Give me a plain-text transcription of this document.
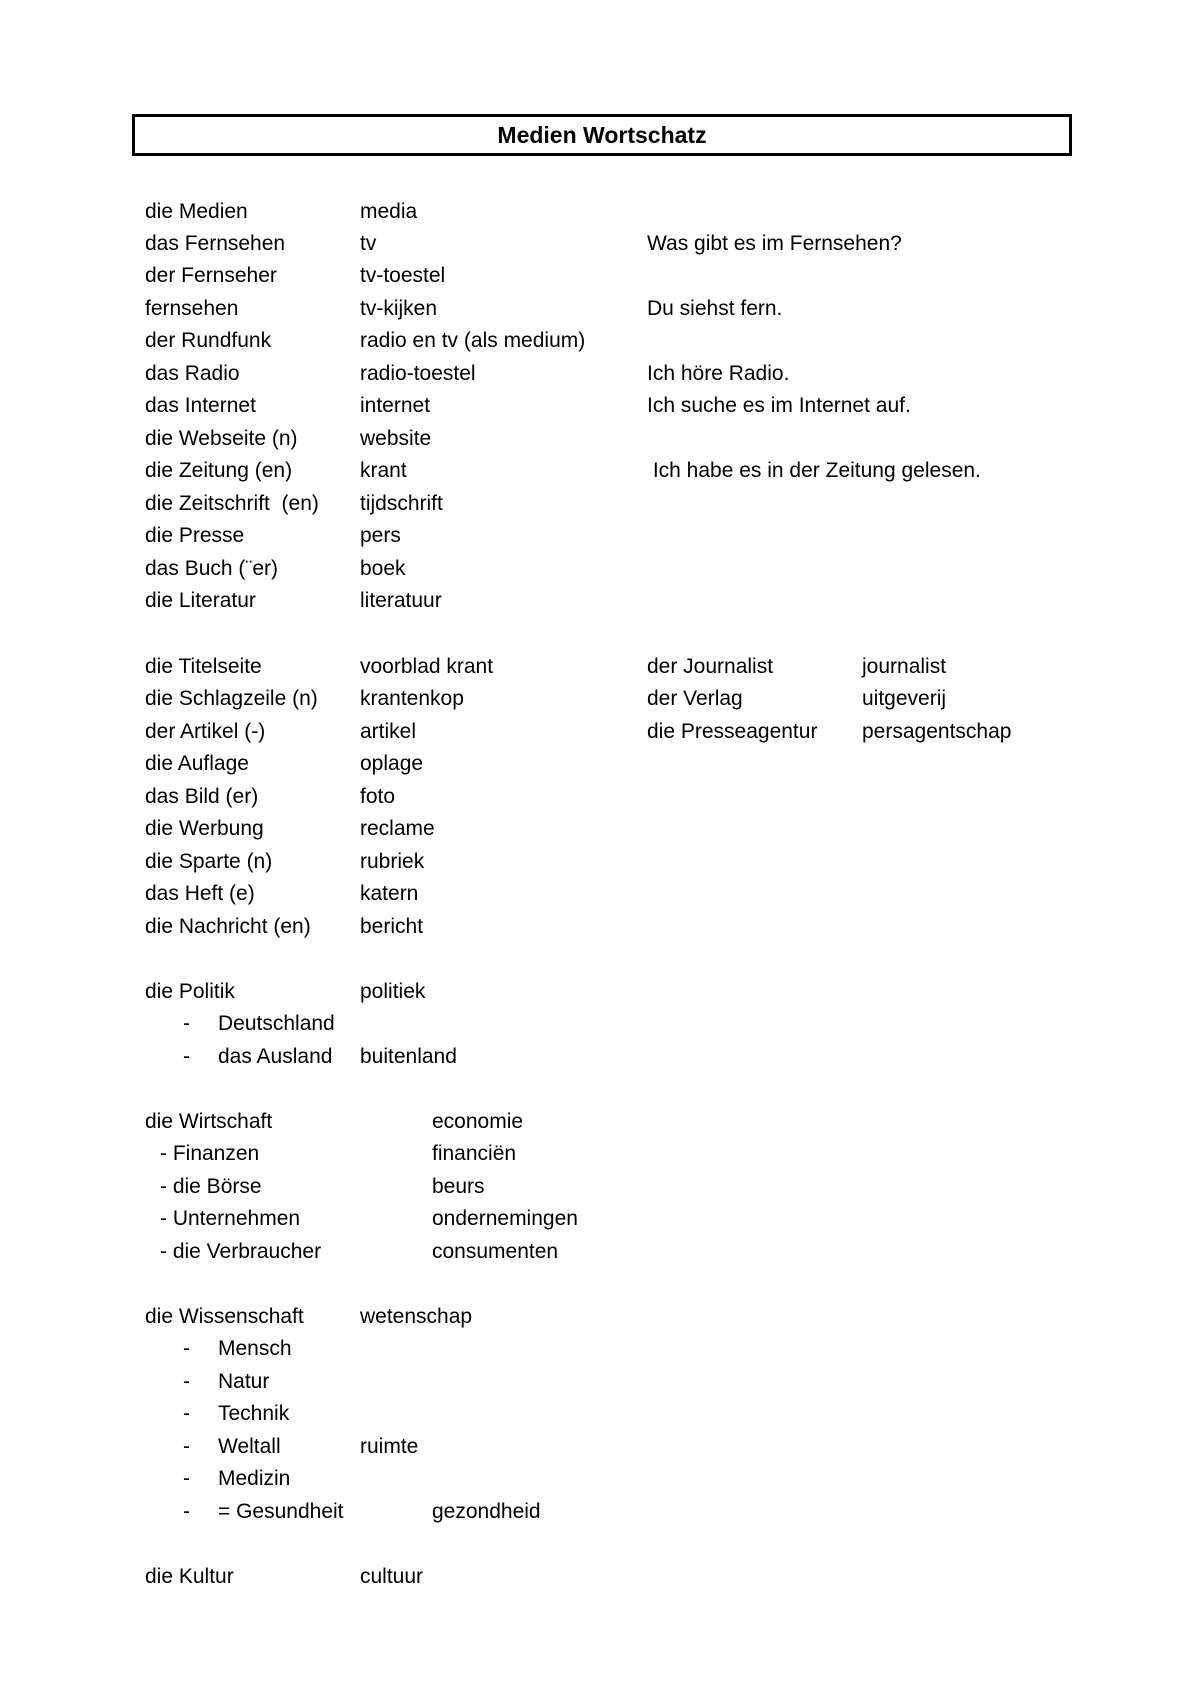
Medien Wortschatz
die Medien	media
das Fernsehen	tv	Was gibt es im Fernsehen?
der Fernseher	tv-toestel
fernsehen	tv-kijken	Du siehst fern.
der Rundfunk	radio en tv (als medium)
das Radio	radio-toestel	Ich höre Radio.
das Internet	internet	Ich suche es im Internet auf.
die Webseite (n)	website
die Zeitung (en)	krant	Ich habe es in der Zeitung gelesen.
die Zeitschrift  (en) tijdschrift
die Presse	pers
das Buch (¨er)	boek
die Literatur	literatuur
die Titelseite	voorblad krant	der Journalist	journalist
die Schlagzeile (n) krantenkop	der Verlag	uitgeverij
der Artikel (-)	artikel	die Presseagentur persagentschap
die Auflage	oplage
das Bild (er)	foto
die Werbung	reclame
die Sparte (n)	rubriek
das Heft (e)	katern
die Nachricht (en) bericht
die Politik	politiek
- Deutschland
- das Ausland buitenland
die Wirtschaft	economie
- Finanzen	financiën
- die Börse	beurs
- Unternehmen	ondernemingen
- die Verbraucher	consumenten
die Wissenschaft	wetenschap
- Mensch
- Natur
- Technik
- Weltall	ruimte
- Medizin
- = Gesundheit	gezondheid
die Kultur	cultuur
